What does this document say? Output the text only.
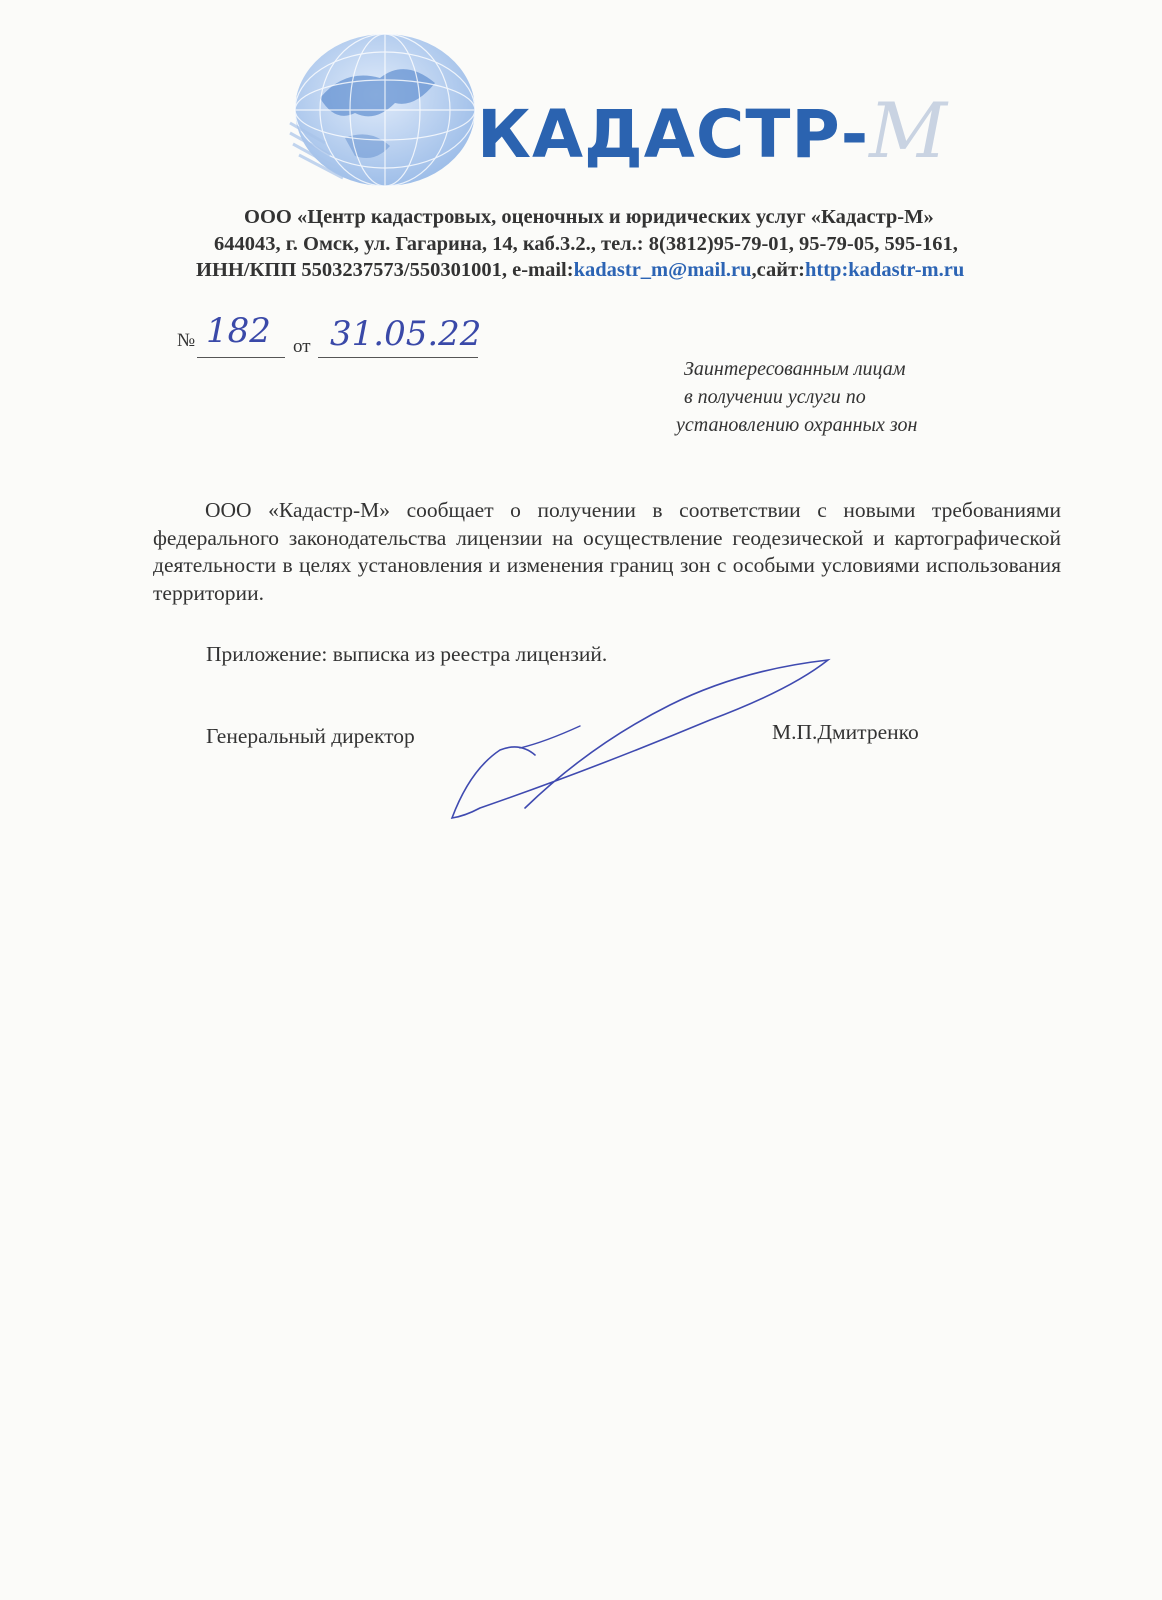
КАДАСТР-М
ООО «Центр кадастровых, оценочных и юридических услуг «Кадастр-М»
644043, г. Омск, ул. Гагарина, 14, каб.3.2., тел.: 8(3812)95-79-01, 95-79-05, 595-161,
ИНН/КПП 5503237573/550301001, e-mail:kadastr_m@mail.ru,сайт:http:kadastr-m.ru
№	от
182 31.05.22
Заинтересованным лицам
в получении услуги по
установлению охранных зон
ООО «Кадастр-М» сообщает о получении в соответствии с новыми требованиями федерального законодательства лицензии на осуществление геодезической и картографической деятельности в целях установления и изменения границ зон с особыми условиями использования территории.
Приложение: выписка из реестра лицензий.
Генеральный директор	М.П.Дмитренко
